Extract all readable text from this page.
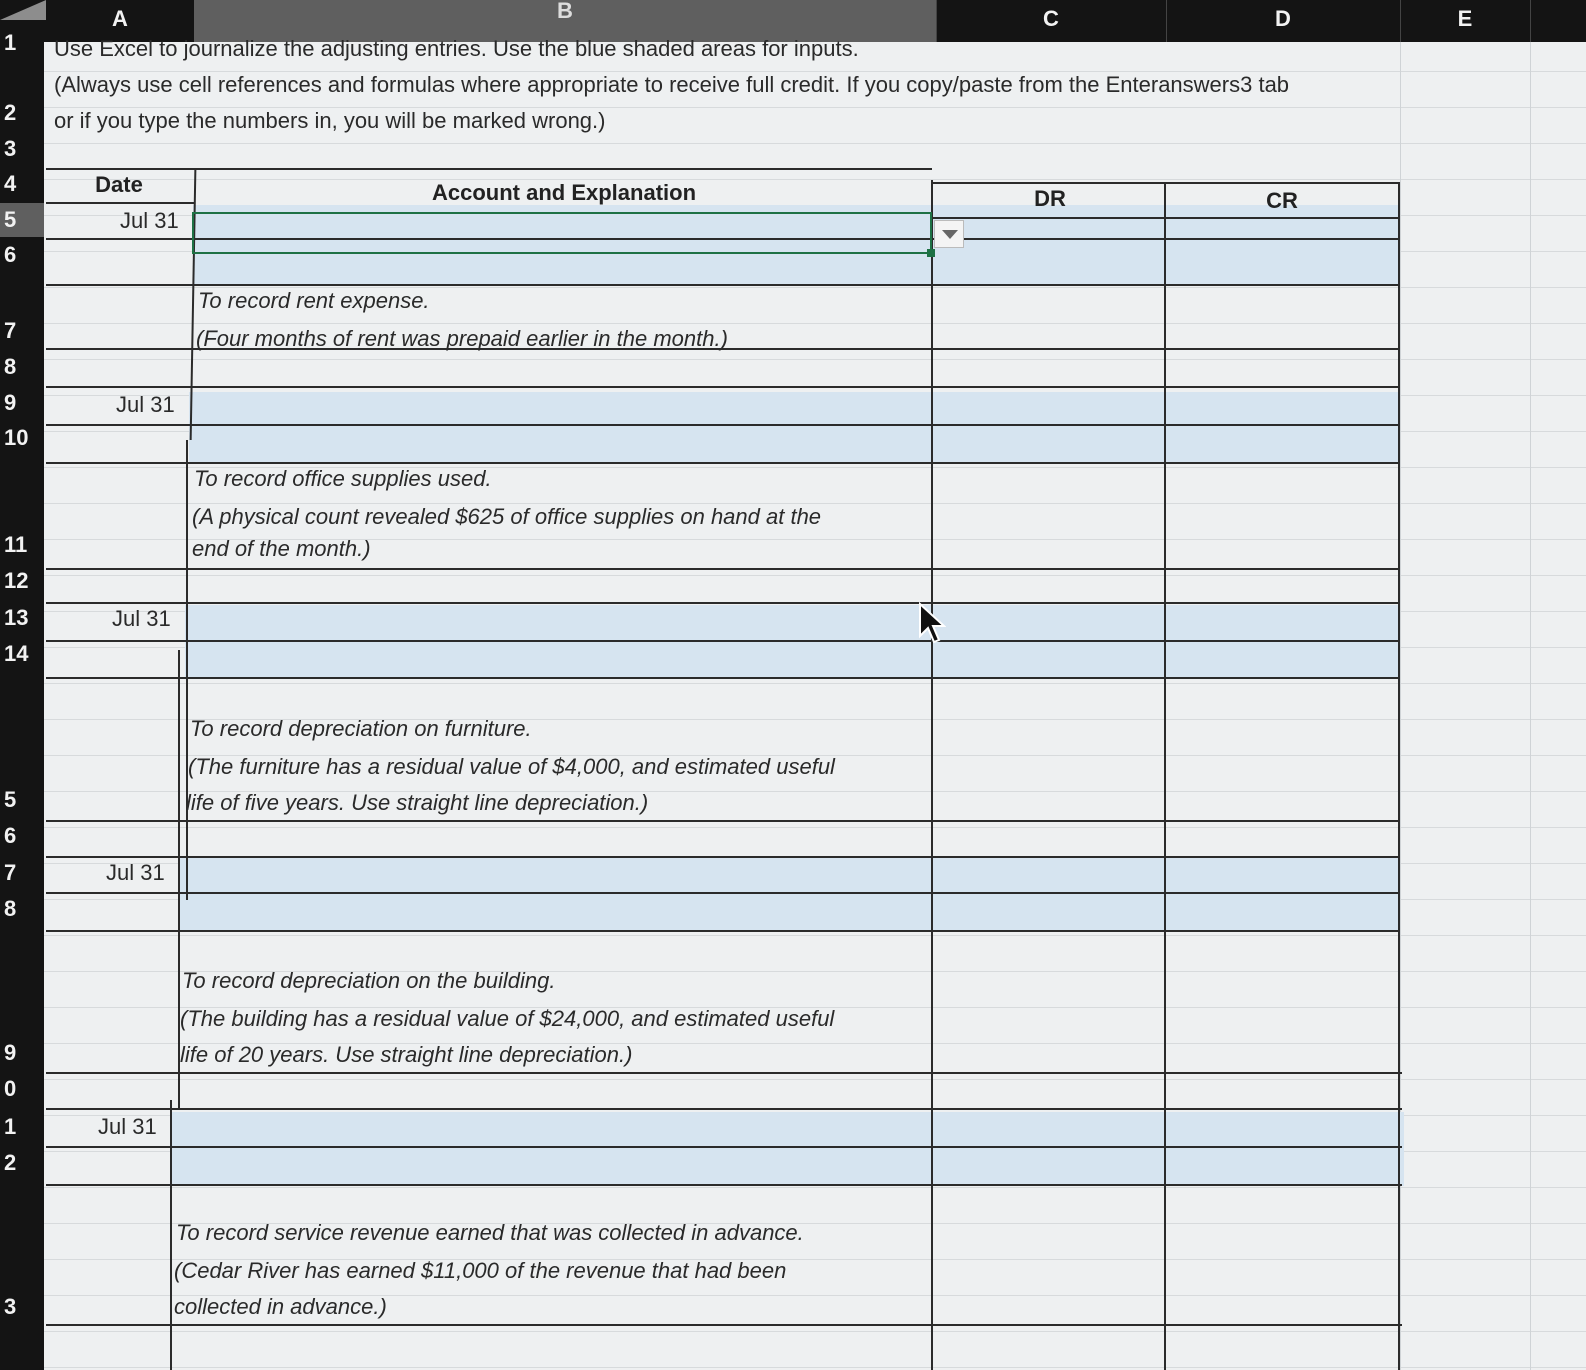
A	B	C	D	E
1
2
3
4
5
6
7
8
9
10
11
12
13
14
5
6
7
8
9
0
1
2
3
Use Excel to journalize the adjusting entries. Use the blue shaded areas for inputs.
(Always use cell references and formulas where appropriate to receive full credit. If you copy/paste from the Enteranswers3 tab
or if you type the numbers in, you will be marked wrong.)
Date	Account and Explanation	DR	CR
Jul 31
To record rent expense.
(Four months of rent was prepaid earlier in the month.)
Jul 31
To record office supplies used.
(A physical count revealed $625 of office supplies on hand at the
end of the month.)
Jul 31
To record depreciation on furniture.
(The furniture has a residual value of $4,000, and estimated useful
life of five years. Use straight line depreciation.)
Jul 31
To record depreciation on the building.
(The building has a residual value of $24,000, and estimated useful
life of 20 years. Use straight line depreciation.)
Jul 31
To record service revenue earned that was collected in advance.
(Cedar River has earned $11,000 of the revenue that had been
collected in advance.)
